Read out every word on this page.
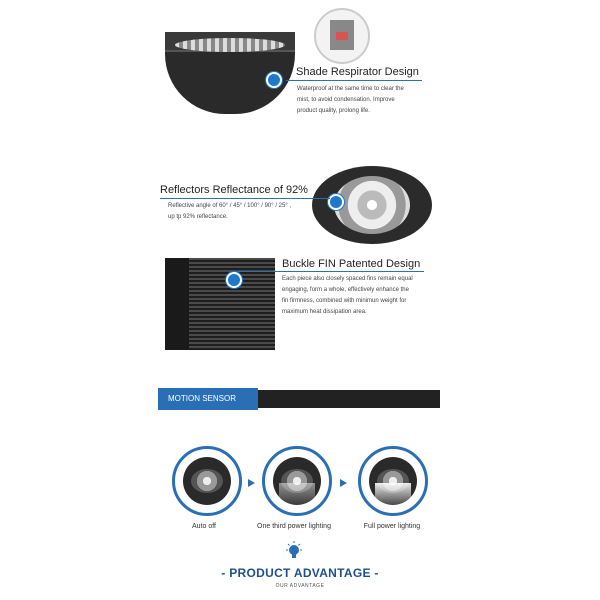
Shade Respirator Design
Waterproof at the same time to clear the
mist, to avoid condensation. Improve
product quality, prolong life.
Reflectors Reflectance of 92%
Reflective angle of 60° / 45° / 100° / 90° / 25° ,
up tp 92% reflectance.
Buckle FIN Patented Design
Each piece also closely spaced fins remain equal
engaging, form a whole, effectively enhance the
fin firmness, combined with minimun weight for
maximum heat dissipation area.
MOTION SENSOR
Auto off	One third power lighting	Full power lighting
- PRODUCT ADVANTAGE -
OUR ADVANTAGE
